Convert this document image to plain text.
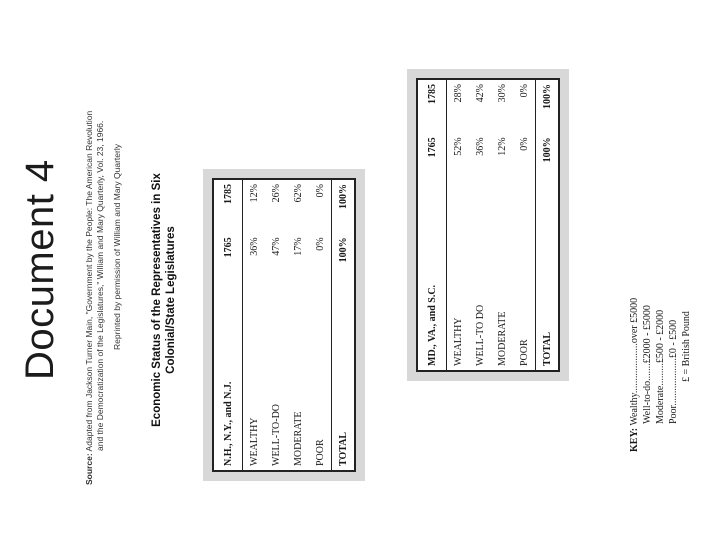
Document 4
Source: Adapted from Jackson Turner Main, "Government by the People: The American Revolution and the Democratization of the Legislatures," William and Mary Quarterly, Vol. 23, 1966. Reprinted by permission of William and Mary Quarterly	Economic Status of the Representatives in Six Colonial/State Legislatures
N.H., N.Y., and N.J.	1765	1785
WEALTHY	36%	12%
WELL-TO-DO	47%	26%
MODERATE	17%	62%
POOR	0%	0%
TOTAL	100%	100%
MD., VA., and S.C.	1765	1785
WEALTHY	52%	28%
WELL-TO DO	36%	42%
MODERATE	12%	30%
POOR	0%	0%
TOTAL	100%	100%
KEY: Wealthy....................over £5000 Well-to-do.......£2000 - £5000 Moderate.........£500 - £2000 Poor...................£0 - £500 £ = British Pound
